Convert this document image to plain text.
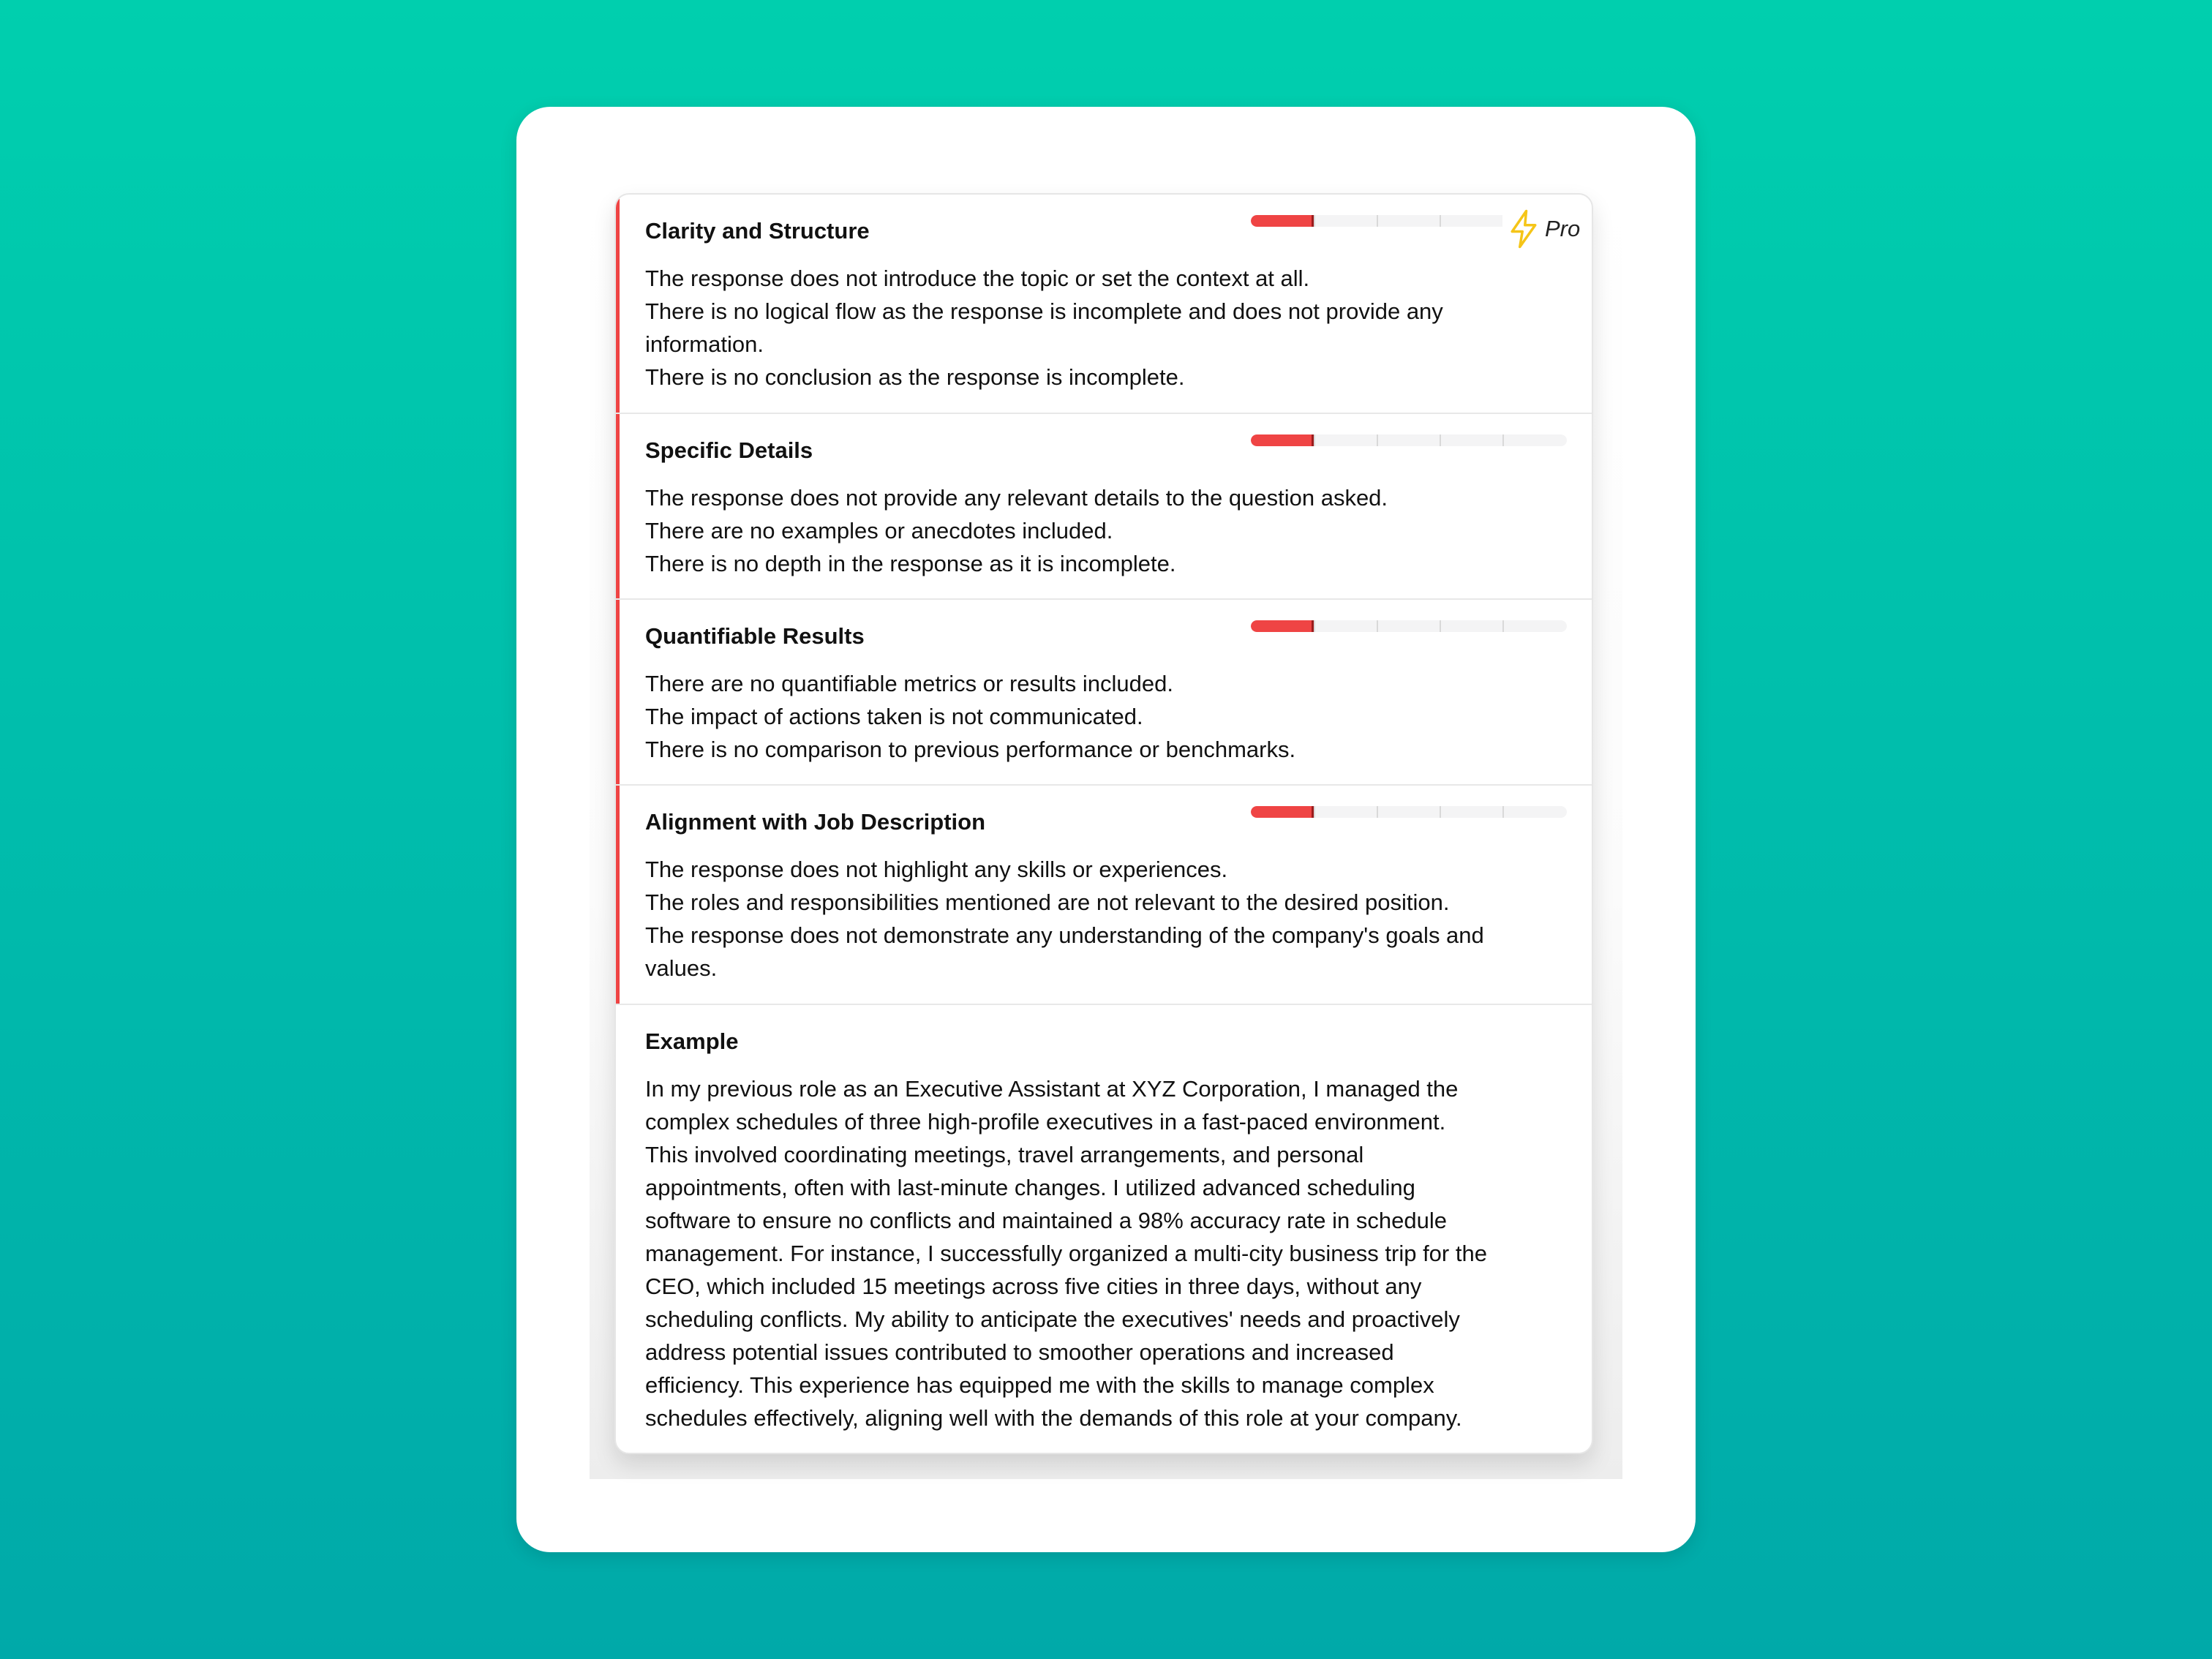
Clarity and Structure	Pro
The response does not introduce the topic or set the context at all.
There is no logical flow as the response is incomplete and does not provide any
information.
There is no conclusion as the response is incomplete.
Specific Details
The response does not provide any relevant details to the question asked.
There are no examples or anecdotes included.
There is no depth in the response as it is incomplete.
Quantifiable Results
There are no quantifiable metrics or results included.
The impact of actions taken is not communicated.
There is no comparison to previous performance or benchmarks.
Alignment with Job Description
The response does not highlight any skills or experiences.
The roles and responsibilities mentioned are not relevant to the desired position.
The response does not demonstrate any understanding of the company's goals and
values.
Example
In my previous role as an Executive Assistant at XYZ Corporation, I managed the
complex schedules of three high-profile executives in a fast-paced environment.
This involved coordinating meetings, travel arrangements, and personal
appointments, often with last-minute changes. I utilized advanced scheduling
software to ensure no conflicts and maintained a 98% accuracy rate in schedule
management. For instance, I successfully organized a multi-city business trip for the
CEO, which included 15 meetings across five cities in three days, without any
scheduling conflicts. My ability to anticipate the executives' needs and proactively
address potential issues contributed to smoother operations and increased
efficiency. This experience has equipped me with the skills to manage complex
schedules effectively, aligning well with the demands of this role at your company.
